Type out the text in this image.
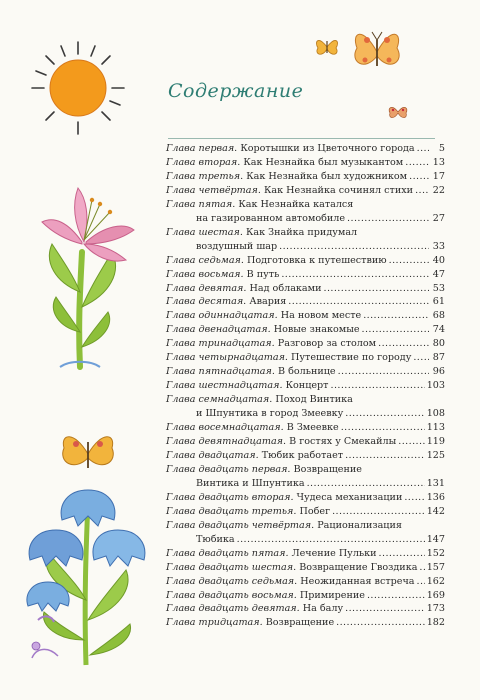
Содержание
Глава первая. Коротышки из Цветочного города .....	5
Глава вторая. Как Незнайка был музыкантом .....	13
Глава третья. Как Незнайка был художником .....	17
Глава четвёртая. Как Незнайка сочинял стихи ..... 22
Глава пятая. Как Незнайка катался
на газированном автомобиле .....	27
Глава шестая. Как Знайка придумал
воздушный шар .....	33
Глава седьмая. Подготовка к путешествию .....	40
Глава восьмая. В путь .....	47
Глава девятая. Над облаками .....	53
Глава десятая. Авария .....	61
Глава одиннадцатая. На новом месте .....	68
Глава двенадцатая. Новые знакомые .....	74
Глава тринадцатая. Разговор за столом .....	80
Глава четырнадцатая. Путешествие по городу ..... 87
Глава пятнадцатая. В больнице .....	96
Глава шестнадцатая. Концерт .....	103
Глава семнадцатая. Поход Винтика
и Шпунтика в город Змеевку .....	108
Глава восемнадцатая. В Змеевке .....	113
Глава девятнадцатая. В гостях у Смекайлы .....	119
Глава двадцатая. Тюбик работает .....	125
Глава двадцать первая. Возвращение
Винтика и Шпунтика .....	131
Глава двадцать вторая. Чудеса механизации .....	136
Глава двадцать третья. Побег .....	142
Глава двадцать четвёртая. Рационализация
Тюбика .....	147
Глава двадцать пятая. Лечение Пульки .....	152
Глава двадцать шестая. Возвращение Гвоздика ..... 157
Глава двадцать седьмая. Неожиданная встреча ..... 162
Глава двадцать восьмая. Примирение .....	169
Глава двадцать девятая. На балу .....	173
Глава тридцатая. Возвращение .....	182
